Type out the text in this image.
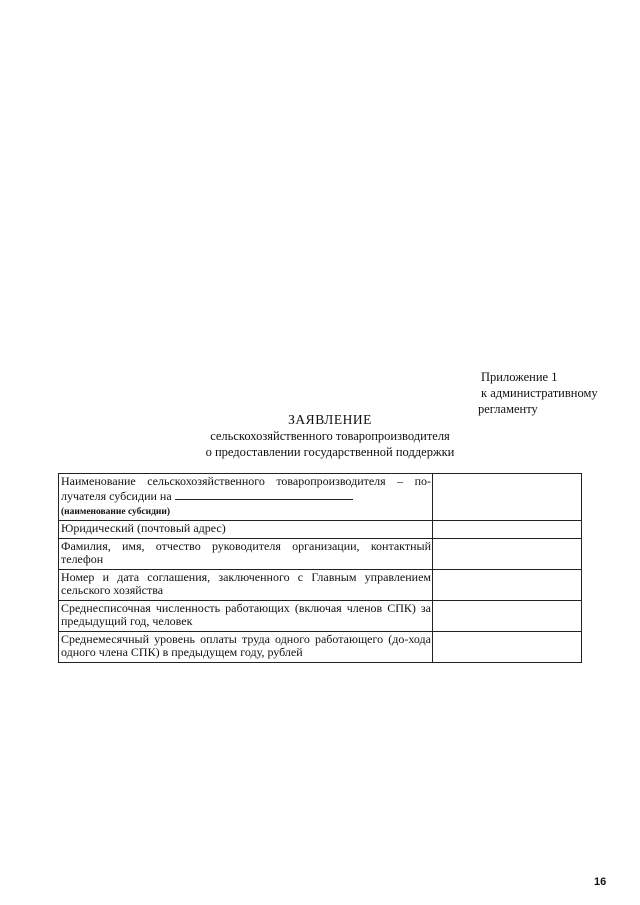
Приложение 1
к административному
регламенту
ЗАЯВЛЕНИЕ
сельскохозяйственного товаропроизводителя
о предоставлении государственной поддержки
Наименование сельскохозяйственного товаропроизводителя – по-лучателя субсидии на
(наименование субсидии)	

Юридический (почтовый адрес)	
Фамилия, имя, отчество руководителя организации, контактный телефон	
Номер и дата соглашения, заключенного с Главным управлением сельского хозяйства	
Среднесписочная численность работающих (включая членов СПК) за предыдущий год, человек	
Среднемесячный уровень оплаты труда одного работающего (до-хода одного члена СПК) в предыдущем году, рублей	
16
